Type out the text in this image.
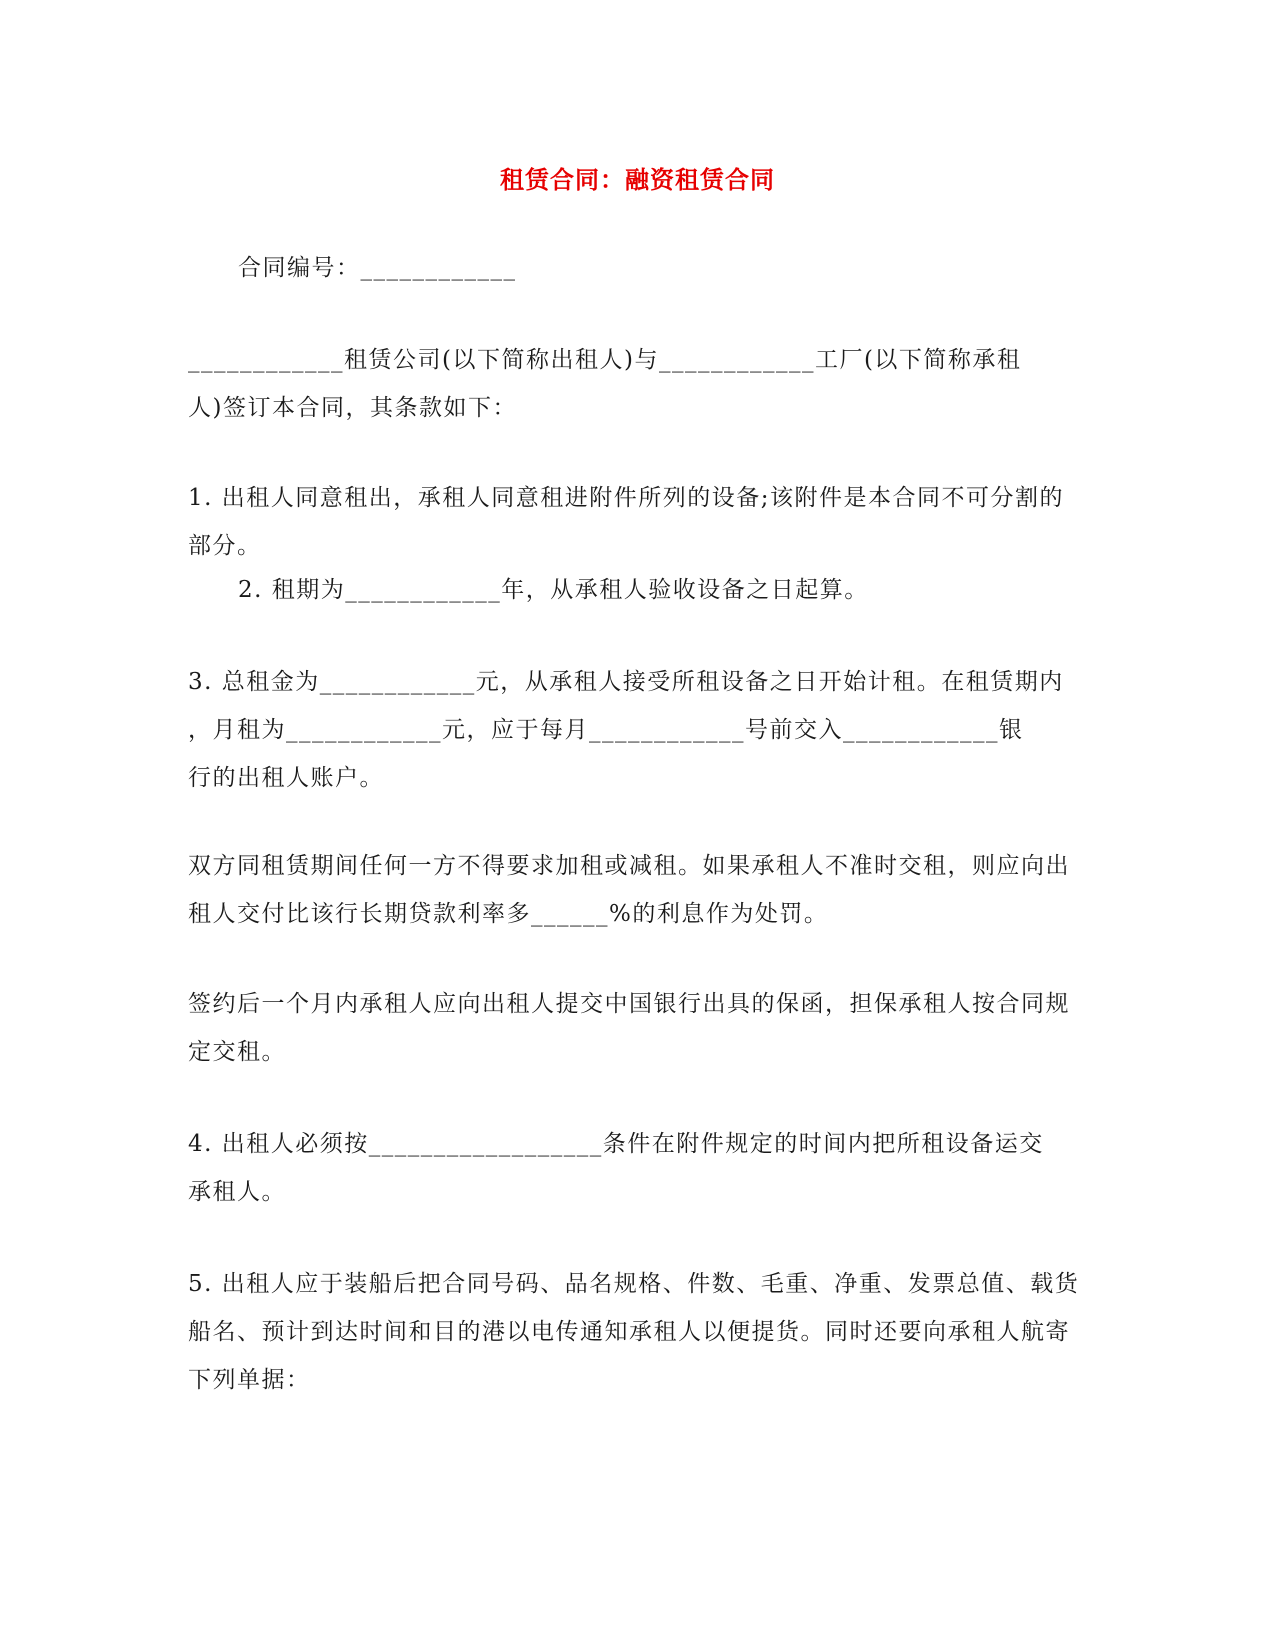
租赁合同：融资租赁合同
合同编号：____________
____________租赁公司(以下简称出租人)与____________工厂(以下简称承租
人)签订本合同，其条款如下：
1. 出租人同意租出，承租人同意租进附件所列的设备;该附件是本合同不可分割的
部分。
2. 租期为____________年，从承租人验收设备之日起算。
3. 总租金为____________元，从承租人接受所租设备之日开始计租。在租赁期内
，月租为____________元，应于每月____________号前交入____________银
行的出租人账户。
双方同租赁期间任何一方不得要求加租或减租。如果承租人不准时交租，则应向出
租人交付比该行长期贷款利率多______%的利息作为处罚。
签约后一个月内承租人应向出租人提交中国银行出具的保函，担保承租人按合同规
定交租。
4. 出租人必须按__________________条件在附件规定的时间内把所租设备运交
承租人。
5. 出租人应于装船后把合同号码、品名规格、件数、毛重、净重、发票总值、载货
船名、预计到达时间和目的港以电传通知承租人以便提货。同时还要向承租人航寄
下列单据：
